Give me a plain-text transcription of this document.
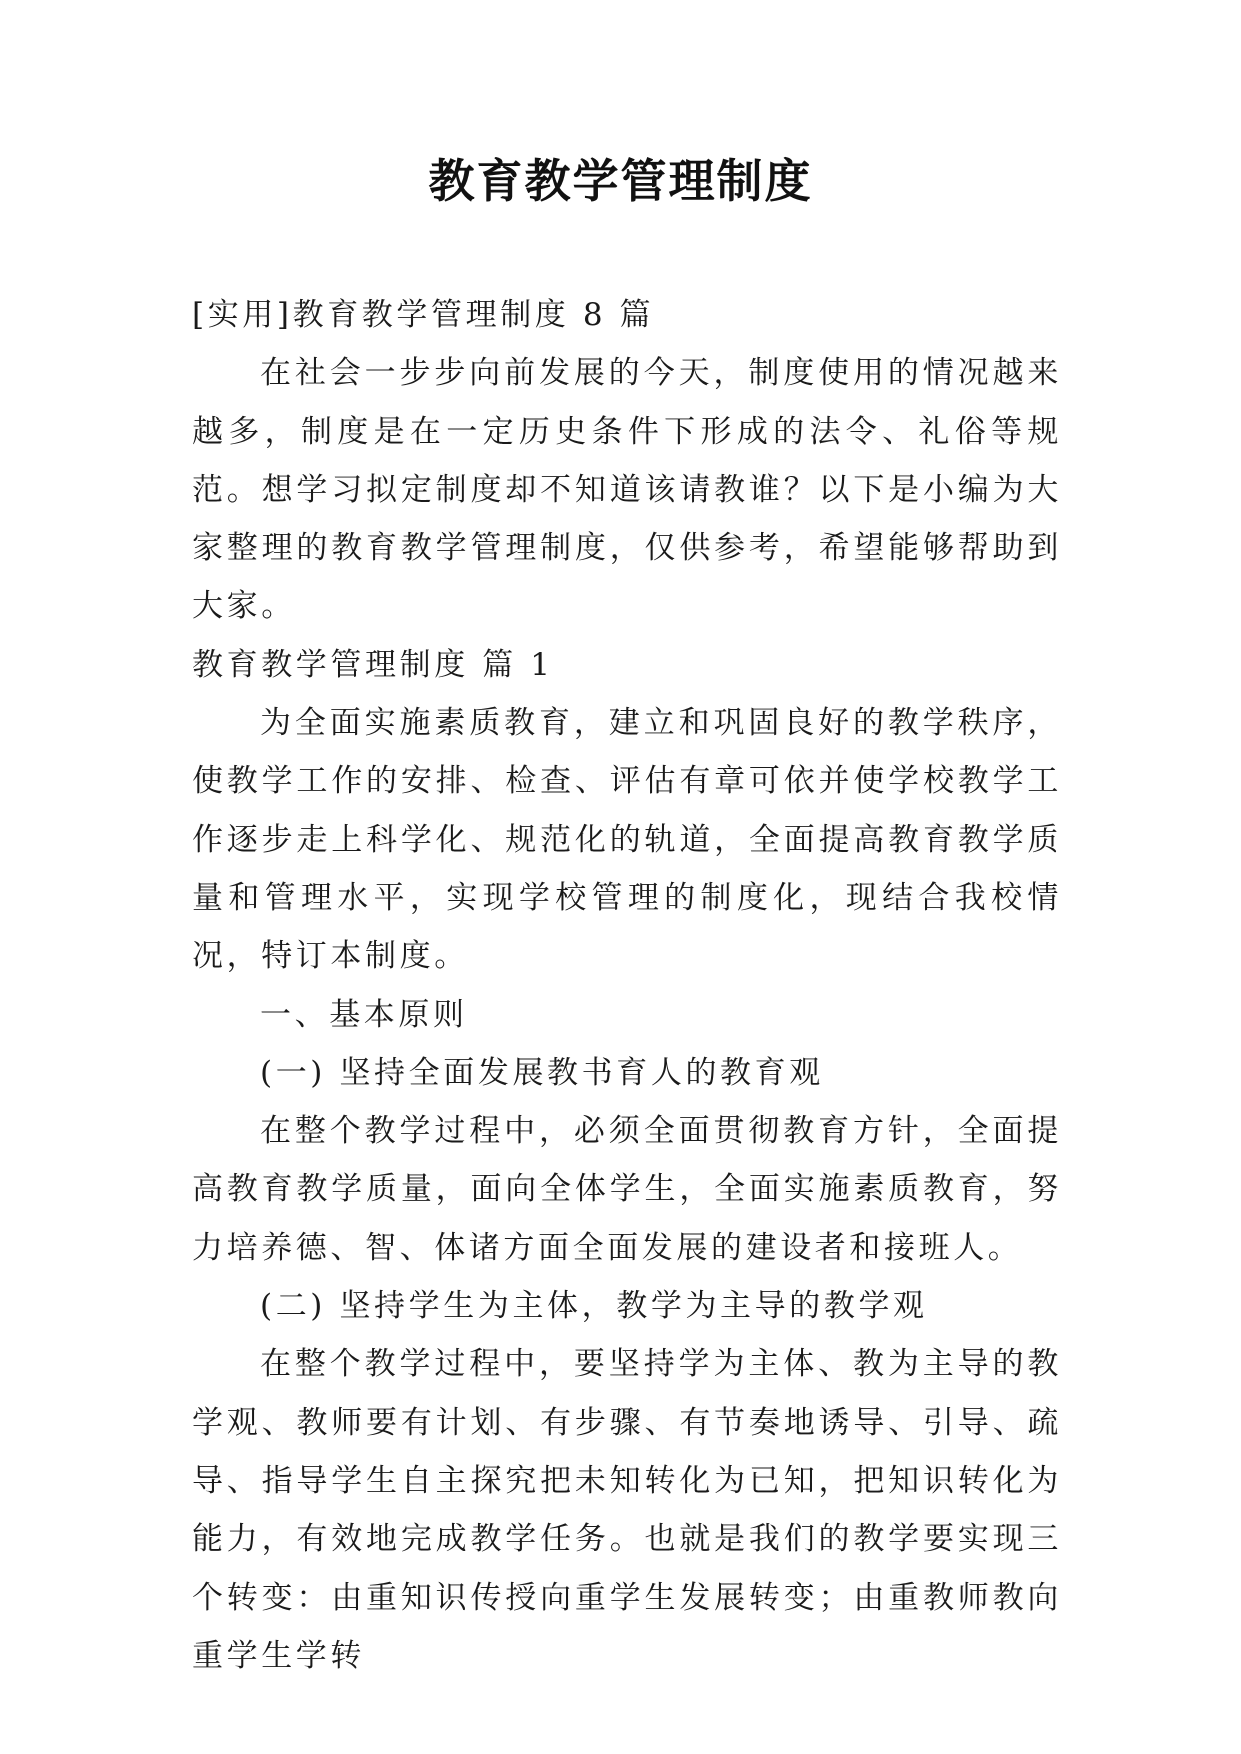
教育教学管理制度

[实用]教育教学管理制度 8 篇

在社会一步步向前发展的今天，制度使用的情况越来越多，制度是在一定历史条件下形成的法令、礼俗等规范。想学习拟定制度却不知道该请教谁？以下是小编为大家整理的教育教学管理制度，仅供参考，希望能够帮助到大家。

教育教学管理制度 篇 1

为全面实施素质教育，建立和巩固良好的教学秩序，使教学工作的安排、检查、评估有章可依并使学校教学工作逐步走上科学化、规范化的轨道，全面提高教育教学质量和管理水平，实现学校管理的制度化，现结合我校情况，特订本制度。

一、基本原则

(一) 坚持全面发展教书育人的教育观

在整个教学过程中，必须全面贯彻教育方针，全面提高教育教学质量，面向全体学生，全面实施素质教育，努力培养德、智、体诸方面全面发展的建设者和接班人。

(二) 坚持学生为主体，教学为主导的教学观

在整个教学过程中，要坚持学为主体、教为主导的教学观、教师要有计划、有步骤、有节奏地诱导、引导、疏导、指导学生自主探究把未知转化为已知，把知识转化为能力，有效地完成教学任务。也就是我们的教学要实现三个转变：由重知识传授向重学生发展转变；由重教师教向重学生学转
